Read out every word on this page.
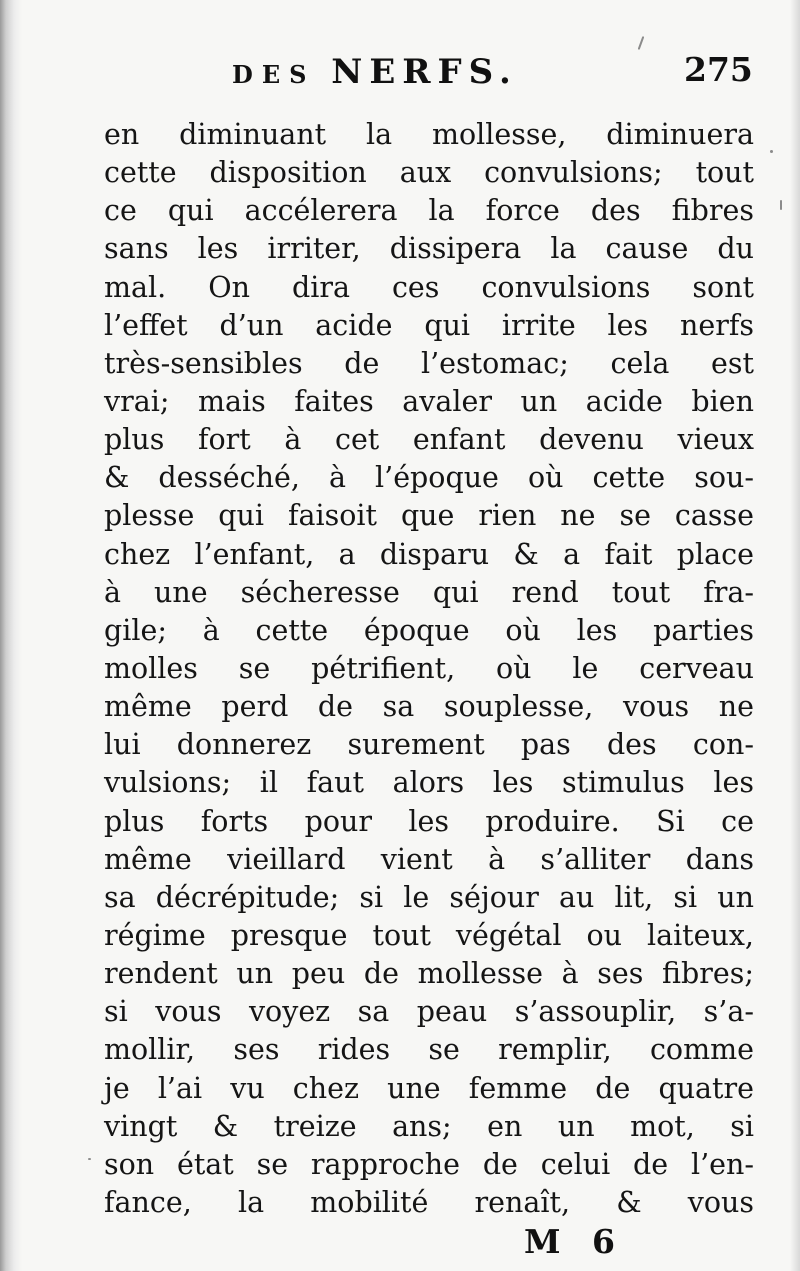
DES NERFS.	275
en diminuant la mollesse, diminuera
cette disposition aux convulsions; tout
ce qui accélerera la force des fibres
sans les irriter, dissipera la cause du
mal. On dira ces convulsions sont
l’effet d’un acide qui irrite les nerfs
très-sensibles de l’estomac; cela est
vrai; mais faites avaler un acide bien
plus fort à cet enfant devenu vieux
& desséché, à l’époque où cette sou-
plesse qui faisoit que rien ne se casse
chez l’enfant, a disparu & a fait place
à une sécheresse qui rend tout fra-
gile; à cette époque où les parties
molles se pétrifient, où le cerveau
même perd de sa souplesse, vous ne
lui donnerez surement pas des con-
vulsions; il faut alors les stimulus les
plus forts pour les produire. Si ce
même vieillard vient à s’alliter dans
sa décrépitude; si le séjour au lit, si un
régime presque tout végétal ou laiteux,
rendent un peu de mollesse à ses fibres;
si vous voyez sa peau s’assouplir, s’a-
mollir, ses rides se remplir, comme
je l’ai vu chez une femme de quatre
vingt & treize ans; en un mot, si
son état se rapproche de celui de l’en-
fance, la mobilité renaît, & vous
M 6
